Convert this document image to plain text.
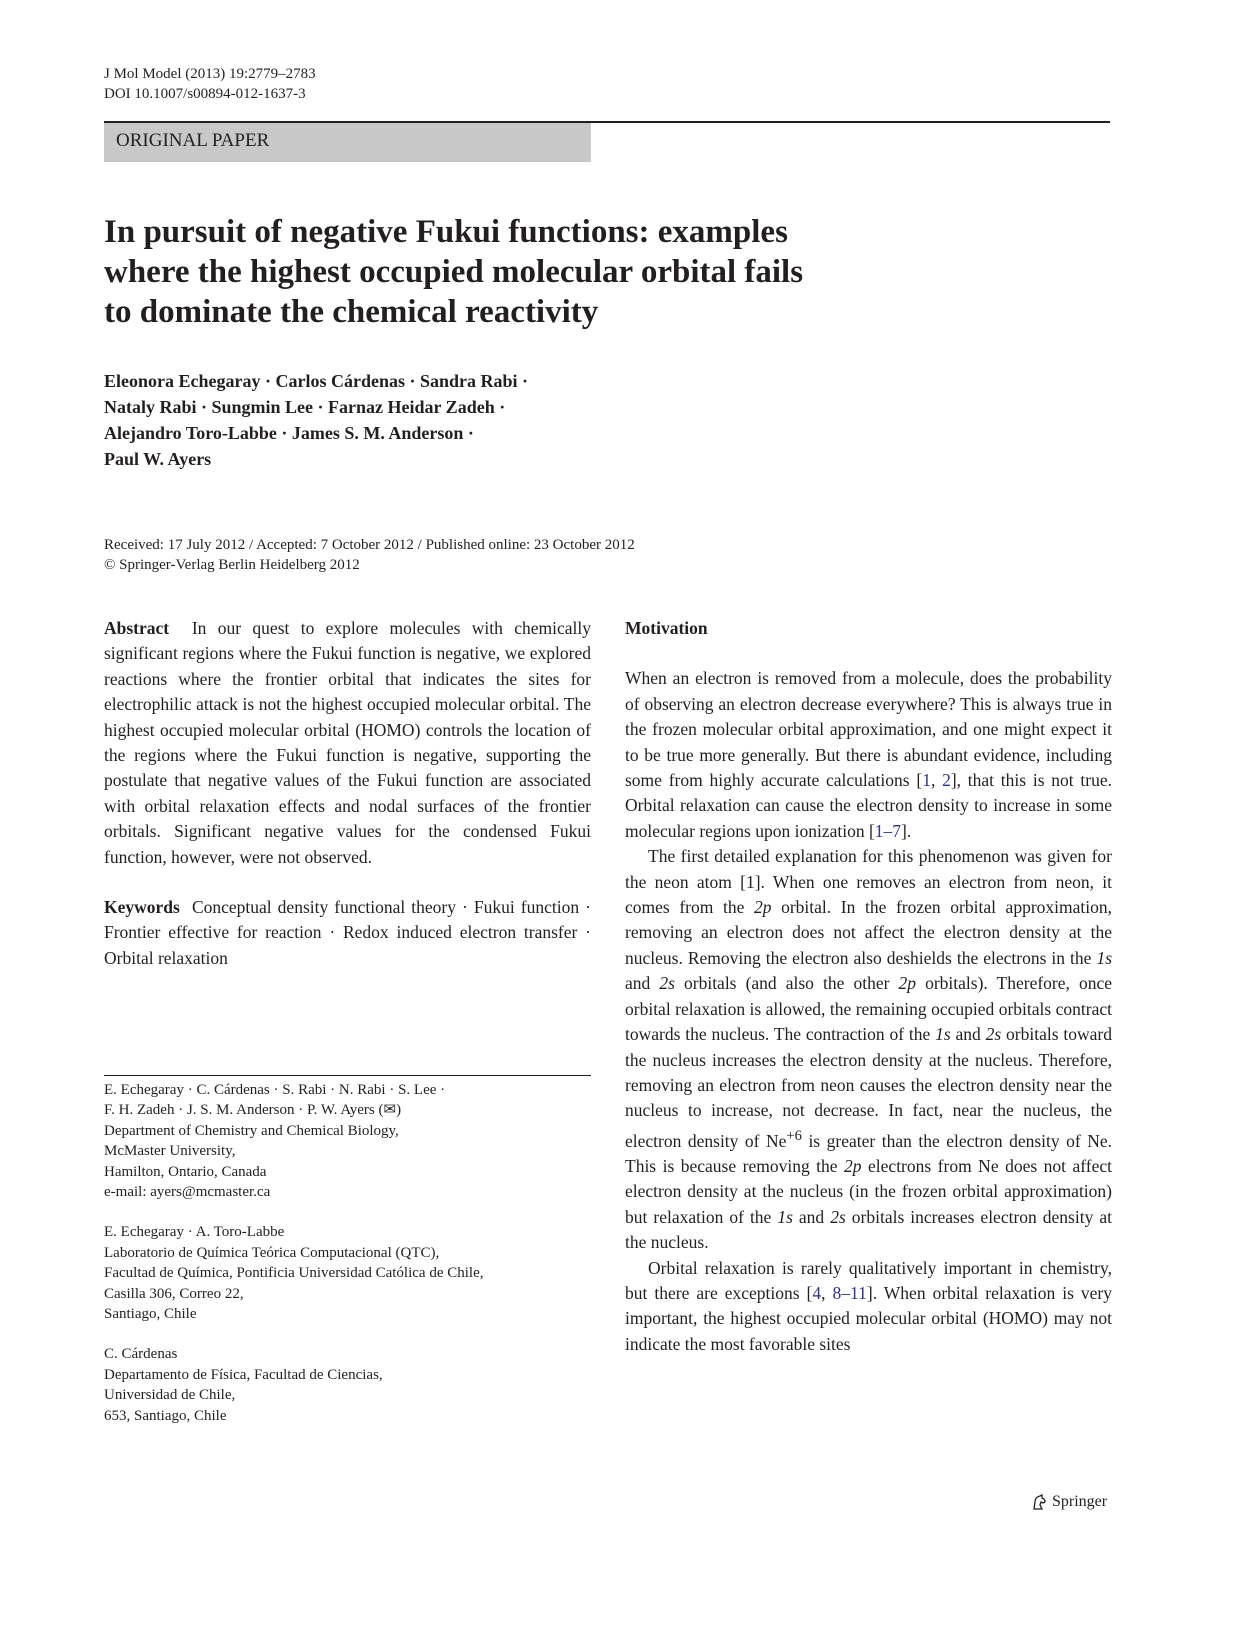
J Mol Model (2013) 19:2779–2783
DOI 10.1007/s00894-012-1637-3
ORIGINAL PAPER
In pursuit of negative Fukui functions: examples
where the highest occupied molecular orbital fails
to dominate the chemical reactivity
Eleonora Echegaray · Carlos Cárdenas · Sandra Rabi ·
Nataly Rabi · Sungmin Lee · Farnaz Heidar Zadeh ·
Alejandro Toro-Labbe · James S. M. Anderson ·
Paul W. Ayers
Received: 17 July 2012 / Accepted: 7 October 2012 / Published online: 23 October 2012
© Springer-Verlag Berlin Heidelberg 2012

Abstract In our quest to explore molecules with chemically significant regions where the Fukui function is negative, we explored reactions where the frontier orbital that indicates the sites for electrophilic attack is not the highest occupied molecular orbital. The highest occupied molecular orbital (HOMO) controls the location of the regions where the Fukui function is negative, supporting the postulate that negative values of the Fukui function are associated with orbital relaxation effects and nodal surfaces of the frontier orbitals. Significant negative values for the condensed Fukui function, however, were not observed.

Keywords Conceptual density functional theory · Fukui function · Frontier effective for reaction · Redox induced electron transfer · Orbital relaxation

E. Echegaray · C. Cárdenas · S. Rabi · N. Rabi · S. Lee ·
F. H. Zadeh · J. S. M. Anderson · P. W. Ayers (✉)
Department of Chemistry and Chemical Biology,
McMaster University,
Hamilton, Ontario, Canada
e-mail: ayers@mcmaster.ca
E. Echegaray · A. Toro-Labbe
Laboratorio de Química Teórica Computacional (QTC),
Facultad de Química, Pontificia Universidad Católica de Chile,
Casilla 306, Correo 22,
Santiago, Chile
C. Cárdenas
Departamento de Física, Facultad de Ciencias,
Universidad de Chile,
653, Santiago, Chile

Motivation

When an electron is removed from a molecule, does the probability of observing an electron decrease everywhere? This is always true in the frozen molecular orbital approximation, and one might expect it to be true more generally. But there is abundant evidence, including some from highly accurate calculations [1, 2], that this is not true. Orbital relaxation can cause the electron density to increase in some molecular regions upon ionization [1–7].

The first detailed explanation for this phenomenon was given for the neon atom [1]. When one removes an electron from neon, it comes from the 2p orbital. In the frozen orbital approximation, removing an electron does not affect the electron density at the nucleus. Removing the electron also deshields the electrons in the 1s and 2s orbitals (and also the other 2p orbitals). Therefore, once orbital relaxation is allowed, the remaining occupied orbitals contract towards the nucleus. The contraction of the 1s and 2s orbitals toward the nucleus increases the electron density at the nucleus. Therefore, removing an electron from neon causes the electron density near the nucleus to increase, not decrease. In fact, near the nucleus, the electron density of $Ne^{+6}$ is greater than the electron density of Ne. This is because removing the 2p electrons from Ne does not affect electron density at the nucleus (in the frozen orbital approximation) but relaxation of the 1s and 2s orbitals increases electron density at the nucleus.

Orbital relaxation is rarely qualitatively important in chemistry, but there are exceptions [4, 8–11]. When orbital relaxation is very important, the highest occupied molecular orbital (HOMO) may not indicate the most favorable sites

Springer
